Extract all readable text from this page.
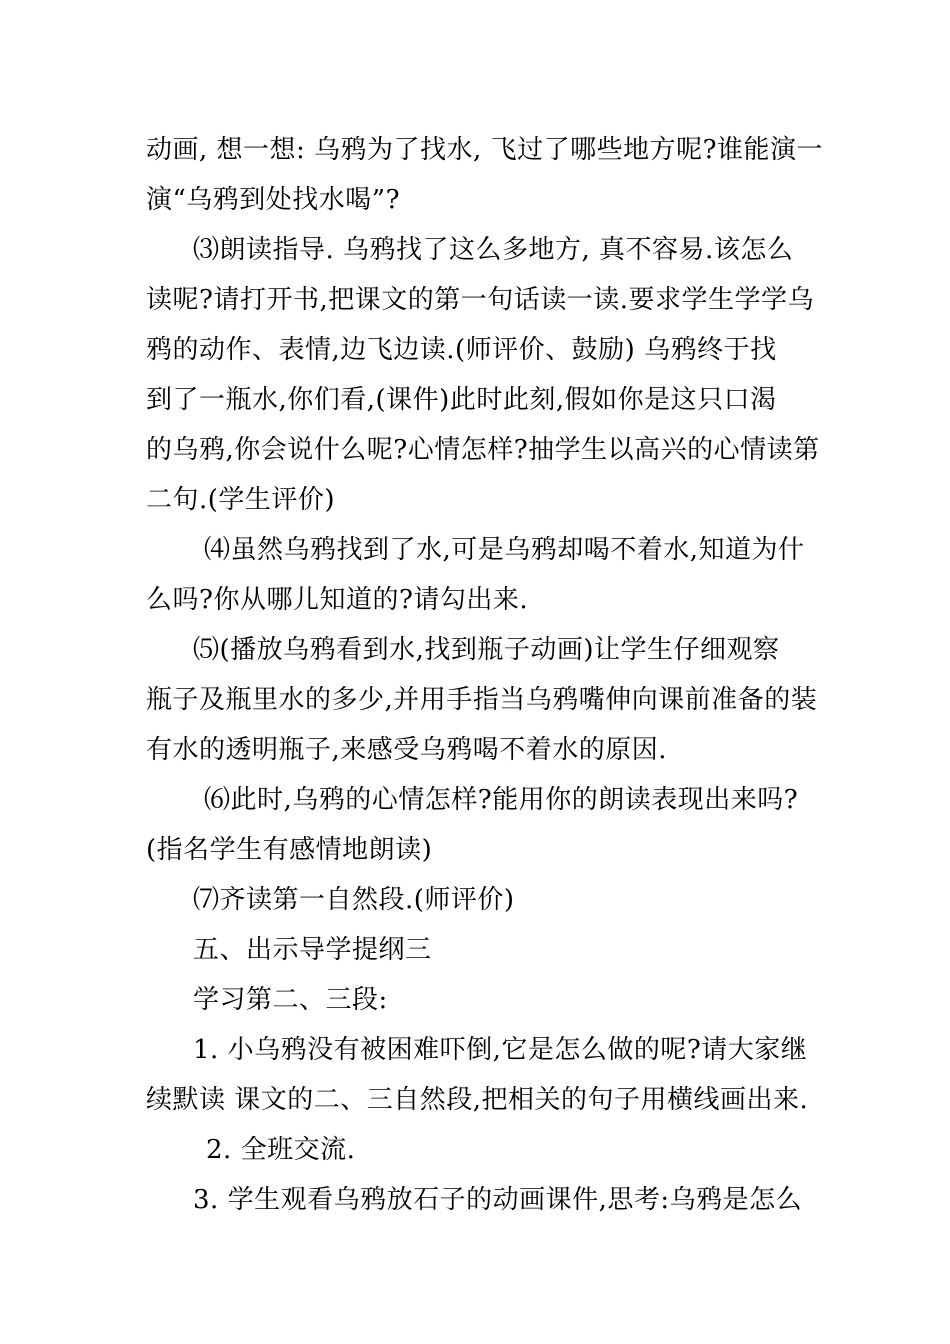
动画, 想一想: 乌鸦为了找水, 飞过了哪些地方呢?谁能演一
演“乌鸦到处找水喝”?
⑶朗读指导. 乌鸦找了这么多地方, 真不容易.该怎么
读呢?请打开书,把课文的第一句话读一读.要求学生学学乌
鸦的动作、表情,边飞边读.(师评价、鼓励) 乌鸦终于找
到了一瓶水,你们看,(课件)此时此刻,假如你是这只口渴
的乌鸦,你会说什么呢?心情怎样?抽学生以高兴的心情读第
二句.(学生评价)
⑷虽然乌鸦找到了水,可是乌鸦却喝不着水,知道为什
么吗?你从哪儿知道的?请勾出来.
⑸(播放乌鸦看到水,找到瓶子动画)让学生仔细观察
瓶子及瓶里水的多少,并用手指当乌鸦嘴伸向课前准备的装
有水的透明瓶子,来感受乌鸦喝不着水的原因.
⑹此时,乌鸦的心情怎样?能用你的朗读表现出来吗?
(指名学生有感情地朗读)
⑺齐读第一自然段.(师评价)
五、出示导学提纲三
学习第二、三段:
1. 小乌鸦没有被困难吓倒,它是怎么做的呢?请大家继
续默读 课文的二、三自然段,把相关的句子用横线画出来.
2. 全班交流.
3. 学生观看乌鸦放石子的动画课件,思考:乌鸦是怎么
